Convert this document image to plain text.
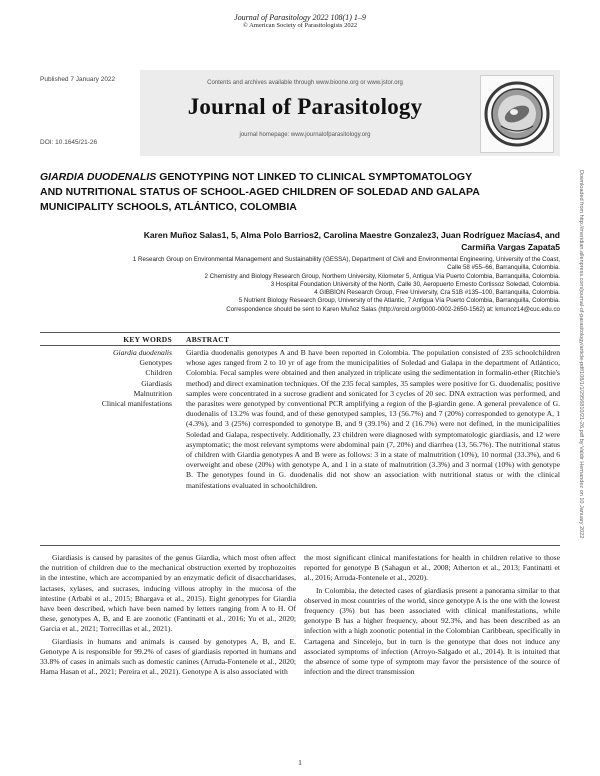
Journal of Parasitology 2022 108(1) 1–9
© American Society of Parasitologists 2022
Published 7 January 2022
DOI: 10.1645/21-26
Contents and archives available through www.bioone.org or www.jstor.org
Journal of Parasitology
journal homepage: www.journalofparasitology.org
Downloaded from http://meridian.allenpress.com/journal-of-parasitology/article-pdf/108/1/1/2956810/21-26.pdf by Valdir Hernandez on 10 January 2022
GIARDIA DUODENALIS GENOTYPING NOT LINKED TO CLINICAL SYMPTOMATOLOGY
AND NUTRITIONAL STATUS OF SCHOOL-AGED CHILDREN OF SOLEDAD AND GALAPA
MUNICIPALITY SCHOOLS, ATLÁNTICO, COLOMBIA
Karen Muñoz Salas1, 5, Alma Polo Barrios2, Carolina Maestre Gonzalez3, Juan Rodríguez Macías4, and
Carmiña Vargas Zapata5
1 Research Group on Environmental Management and Sustainability (GESSA), Department of Civil and Environmental Engineering, University of the Coast,
Calle 58 #55–66, Barranquilla, Colombia.
2 Chemistry and Biology Research Group, Northern University, Kilometer 5, Antigua Vía Puerto Colombia, Barranquilla, Colombia.
3 Hospital Foundation University of the North, Calle 30, Aeropuerto Ernesto Cortissoz Soledad, Colombia.
4 GIBBION Research Group, Free University, Cra 51B #135–100, Barranquilla, Colombia.
5 Nutrient Biology Research Group, University of the Atlantic, 7 Antigua Vía Puerto Colombia, Barranquilla, Colombia.
Correspondence should be sent to Karen Muñoz Salas (http://orcid.org/0000-0002-2650-1562) at: kmunoz14@cuc.edu.co
KEY WORDS ABSTRACT
Giardia duodenalis
Genotypes
Children
Giardiasis
Malnutrition
Clinical manifestations
Giardia duodenalis genotypes A and B have been reported in Colombia. The population consisted of 235 schoolchildren whose ages ranged from 2 to 10 yr of age from the municipalities of Soledad and Galapa in the department of Atlántico, Colombia. Fecal samples were obtained and then analyzed in triplicate using the sedimentation in formalin-ether (Ritchie's method) and direct examination techniques. Of the 235 fecal samples, 35 samples were positive for G. duodenalis; positive samples were concentrated in a sucrose gradient and sonicated for 3 cycles of 20 sec. DNA extraction was performed, and the parasites were genotyped by conventional PCR amplifying a region of the β-giardin gene. A general prevalence of G. duodenalis of 13.2% was found, and of these genotyped samples, 13 (56.7%) and 7 (20%) corresponded to genotype A, 1 (4.3%), and 3 (25%) corresponded to genotype B, and 9 (39.1%) and 2 (16.7%) were not defined, in the municipalities Soledad and Galapa, respectively. Additionally, 23 children were diagnosed with symptomatologic giardiasis, and 12 were asymptomatic; the most relevant symptoms were abdominal pain (7, 20%) and diarrhea (13, 56.7%). The nutritional status of children with Giardia genotypes A and B were as follows: 3 in a state of malnutrition (10%), 10 normal (33.3%), and 6 overweight and obese (20%) with genotype A, and 1 in a state of malnutrition (3.3%) and 3 normal (10%) with genotype B. The genotypes found in G. duodenalis did not show an association with nutritional status or with the clinical manifestations evaluated in schoolchildren.
Giardiasis is caused by parasites of the genus Giardia, which most often affect the nutrition of children due to the mechanical obstruction exerted by trophozoites in the intestine, which are accompanied by an enzymatic deficit of disaccharidases, lactases, xylases, and sucrases, inducing villous atrophy in the mucosa of the intestine (Arbabi et al., 2015; Bhargava et al., 2015). Eight genotypes for Giardia have been described, which have been named by letters ranging from A to H. Of these, genotypes A, B, and E are zoonotic (Fantinatti et al., 2016; Yu et al., 2020; Garcia et al., 2021; Torrecillas et al., 2021).
Giardiasis in humans and animals is caused by genotypes A, B, and E. Genotype A is responsible for 99.2% of cases of giardiasis reported in humans and 33.8% of cases in animals such as domestic canines (Arruda-Fontenele et al., 2020; Hama Hasan et al., 2021; Pereira et al., 2021). Genotype A is also associated with
the most significant clinical manifestations for health in children relative to those reported for genotype B (Sahagun et al., 2008; Atherton et al., 2013; Fantinatti et al., 2016; Arruda-Fontenele et al., 2020).
In Colombia, the detected cases of giardiasis present a panorama similar to that observed in most countries of the world, since genotype A is the one with the lowest frequency (3%) but has been associated with clinical manifestations, while genotype B has a higher frequency, about 92.3%, and has been described as an infection with a high zoonotic potential in the Colombian Caribbean, specifically in Cartagena and Sincelejo, but in turn is the genotype that does not induce any associated symptoms of infection (Arroyo-Salgado et al., 2014). It is intuited that the absence of some type of symptom may favor the persistence of the source of infection and the direct transmission
1
